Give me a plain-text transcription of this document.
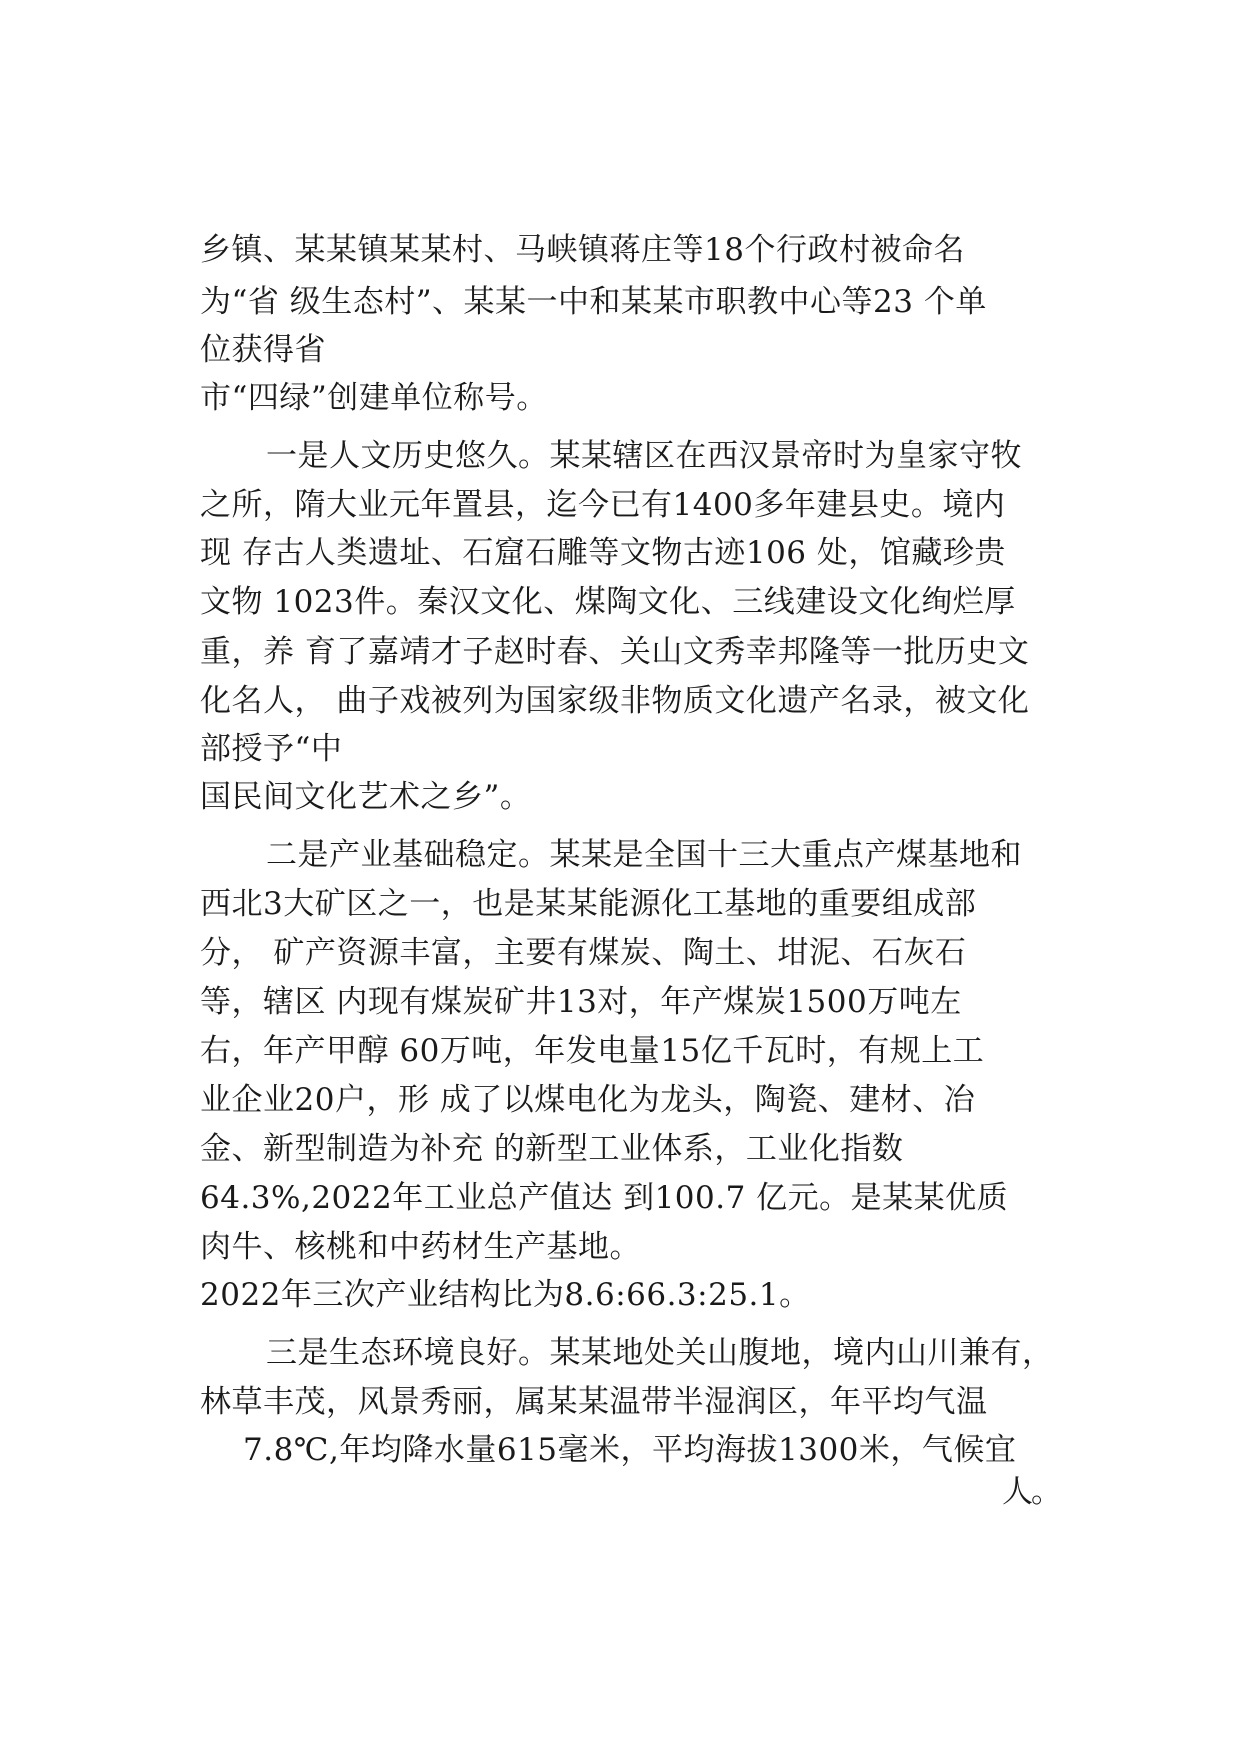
乡镇、某某镇某某村、马峡镇蒋庄等18个行政村被命名
为“省 级生态村”、某某一中和某某市职教中心等23 个单
位获得省
市“四绿”创建单位称号。
一是人文历史悠久。某某辖区在西汉景帝时为皇家守牧
之所，隋大业元年置县，迄今已有1400多年建县史。境内
现 存古人类遗址、石窟石雕等文物古迹106 处，馆藏珍贵
文物 1023件。秦汉文化、煤陶文化、三线建设文化绚烂厚
重，养 育了嘉靖才子赵时春、关山文秀幸邦隆等一批历史文
化名人， 曲子戏被列为国家级非物质文化遗产名录，被文化
部授予“中
国民间文化艺术之乡”。
二是产业基础稳定。某某是全国十三大重点产煤基地和
西北3大矿区之一，也是某某能源化工基地的重要组成部
分， 矿产资源丰富，主要有煤炭、陶土、坩泥、石灰石
等，辖区 内现有煤炭矿井13对，年产煤炭1500万吨左
右，年产甲醇 60万吨，年发电量15亿千瓦时，有规上工
业企业20户，形 成了以煤电化为龙头，陶瓷、建材、冶
金、新型制造为补充 的新型工业体系，工业化指数
64.3%,2022年工业总产值达 到100.7 亿元。是某某优质
肉牛、核桃和中药材生产基地。
2022年三次产业结构比为8.6:66.3:25.1。
三是生态环境良好。某某地处关山腹地，境内山川兼有，
林草丰茂，风景秀丽，属某某温带半湿润区，年平均气温
7.8℃,年均降水量615毫米，平均海拔1300米，气候宜
人。
